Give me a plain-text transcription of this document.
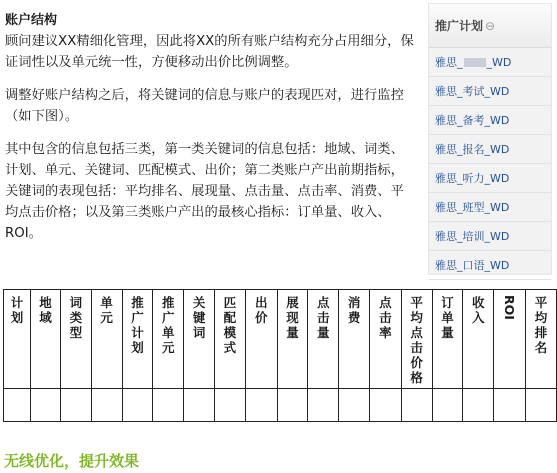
账户结构

顾问建议XX精细化管理，因此将XX的所有账户结构充分占用细分，保证词性以及单元统一性，方便移动出价比例调整。

调整好账户结构之后，将关键词的信息与账户的表现匹对，进行监控（如下图）。

其中包含的信息包括三类，第一类关键词的信息包括：地域、词类、计划、单元、关键词、匹配模式、出价；第二类账户产出前期指标，关键词的表现包括：平均排名、展现量、点击量、点击率、消费、平均点击价格；以及第三类账户产出的最核心指标：订单量、收入、ROI。

推广计划 ⊖
雅思_ _WD
雅思_考试_WD
雅思_备考_WD
雅思_报名_WD
雅思_听力_WD
雅思_班型_WD
雅思_培训_WD
雅思_口语_WD
计划	地域	词类型	单元	推广计划	推广单元	关键词	匹配模式	出价	展现量	点击量	消费	点击率	平均点击价格	订单量	收入	ROI	平均排名

无线优化，提升效果
